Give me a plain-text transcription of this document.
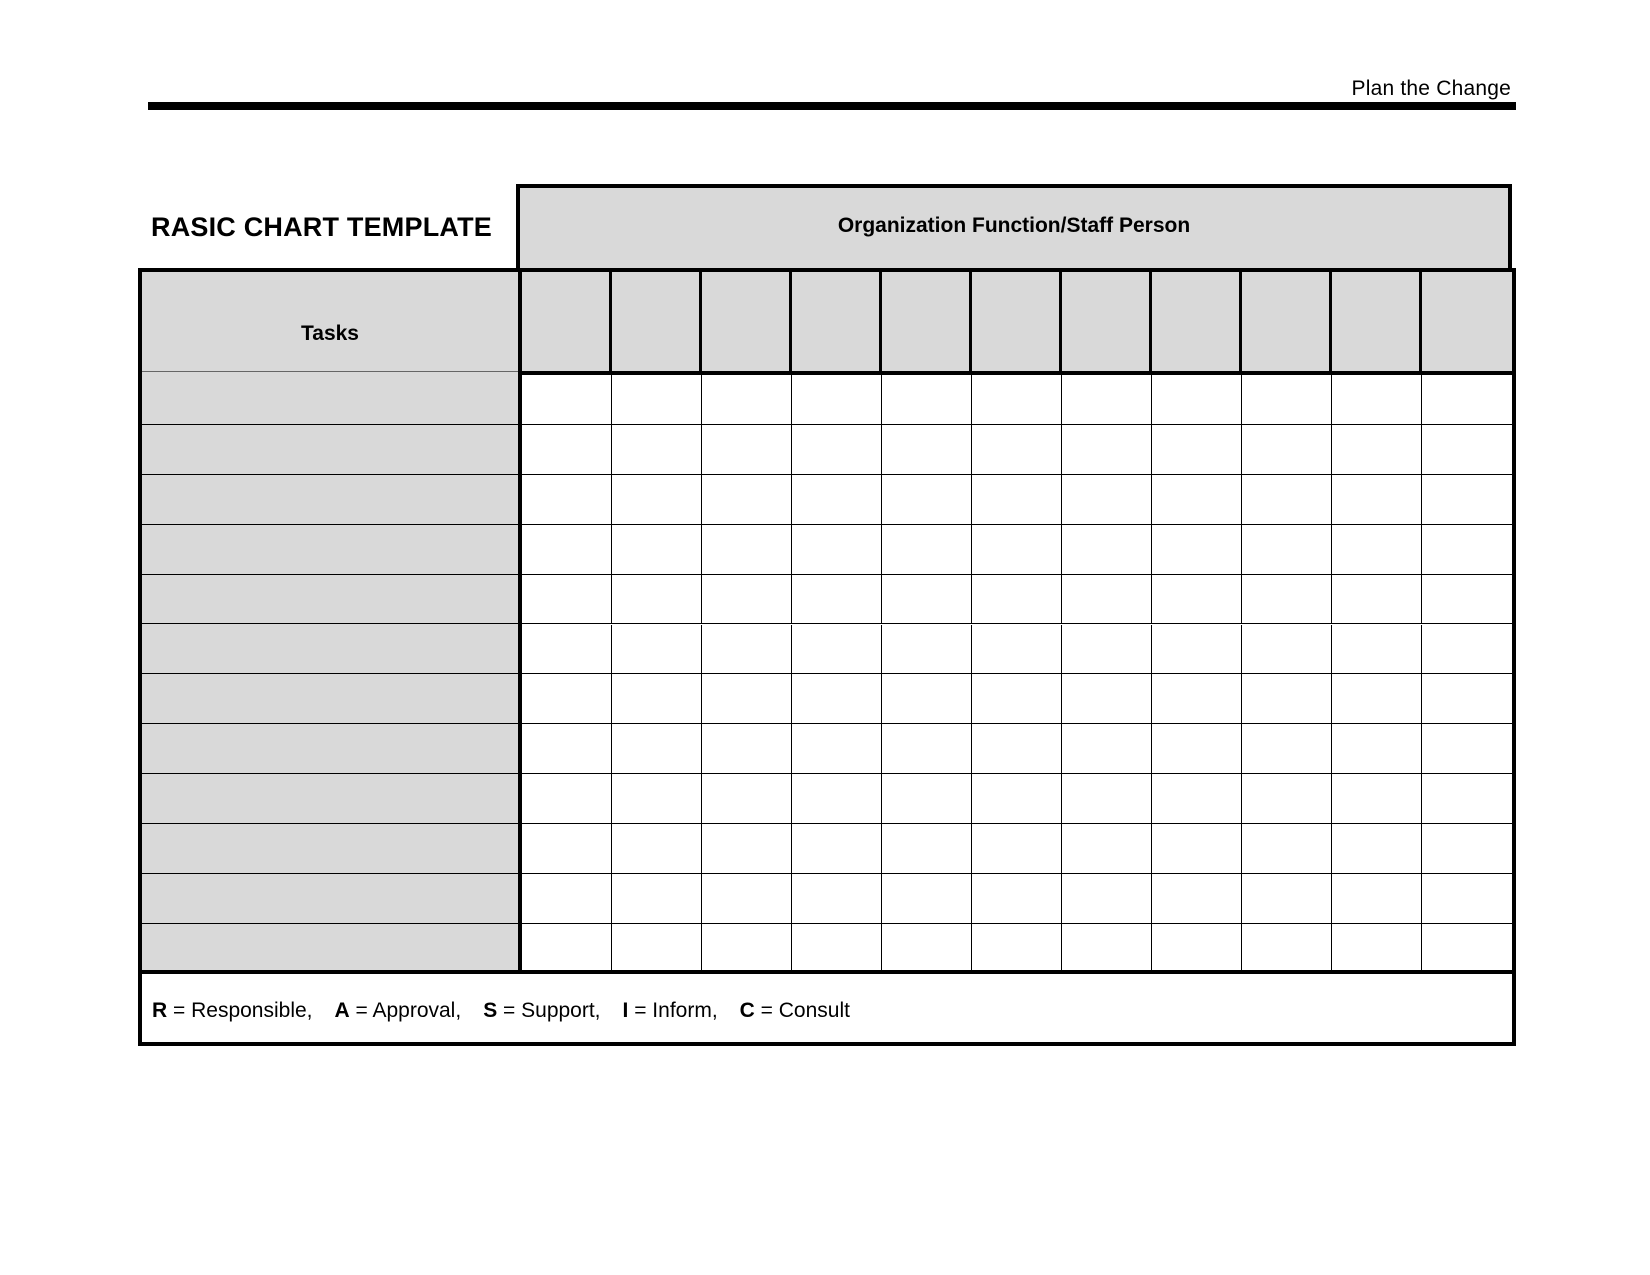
Plan the Change
RASIC CHART TEMPLATE	Organization Function/Staff Person
Tasks
R = Responsible, A = Approval, S = Support, I = Inform, C = Consult
